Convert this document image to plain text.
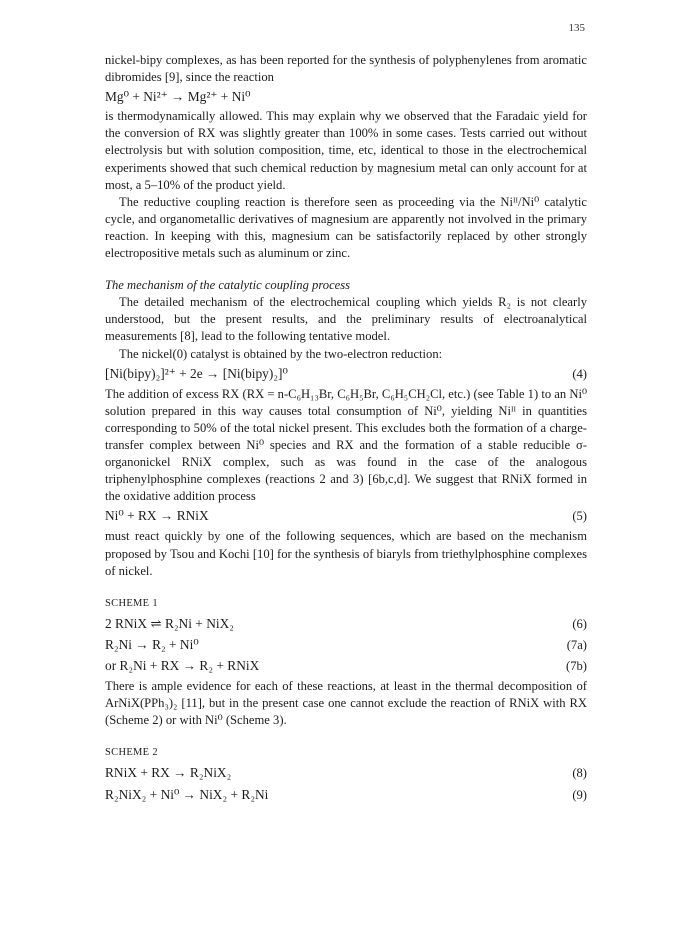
135

nickel-bipy complexes, as has been reported for the synthesis of polyphenylenes from aromatic dibromides [9], since the reaction

Mg⁰ + Ni²⁺ → Mg²⁺ + Ni⁰

is thermodynamically allowed. This may explain why we observed that the Faradaic yield for the conversion of RX was slightly greater than 100% in some cases. Tests carried out without electrolysis but with solution composition, time, etc, identical to those in the electrochemical experiments showed that such chemical reduction by magnesium metal can only account for at most, a 5–10% of the product yield.

The reductive coupling reaction is therefore seen as proceeding via the Niᴵᴵ/Ni⁰ catalytic cycle, and organometallic derivatives of magnesium are apparently not involved in the primary reaction. In keeping with this, magnesium can be satisfactorily replaced by other strongly electropositive metals such as aluminum or zinc.

The mechanism of the catalytic coupling process

The detailed mechanism of the electrochemical coupling which yields R₂ is not clearly understood, but the present results, and the preliminary results of electroanalytical measurements [8], lead to the following tentative model.

The nickel(0) catalyst is obtained by the two-electron reduction:

[Ni(bipy)₂]²⁺ + 2e → [Ni(bipy)₂]⁰	(4)

The addition of excess RX (RX = n-C₆H₁₃Br, C₆H₅Br, C₆H₅CH₂Cl, etc.) (see Table 1) to an Ni⁰ solution prepared in this way causes total consumption of Ni⁰, yielding Niᴵᴵ in quantities corresponding to 50% of the total nickel present. This excludes both the formation of a charge-transfer complex between Ni⁰ species and RX and the formation of a stable reducible σ-organonickel RNiX complex, such as was found in the case of the analogous triphenylphosphine complexes (reactions 2 and 3) [6b,c,d]. We suggest that RNiX formed in the oxidative addition process

Ni⁰ + RX → RNiX	(5)

must react quickly by one of the following sequences, which are based on the mechanism proposed by Tsou and Kochi [10] for the synthesis of biaryls from triethylphosphine complexes of nickel.

SCHEME 1
2 RNiX ⇌ R₂Ni + NiX₂	(6)
R₂Ni → R₂ + Ni⁰	(7a)
or R₂Ni + RX → R₂ + RNiX	(7b)

There is ample evidence for each of these reactions, at least in the thermal decomposition of ArNiX(PPh₃)₂ [11], but in the present case one cannot exclude the reaction of RNiX with RX (Scheme 2) or with Ni⁰ (Scheme 3).

SCHEME 2
RNiX + RX → R₂NiX₂	(8)
R₂NiX₂ + Ni⁰ → NiX₂ + R₂Ni	(9)
